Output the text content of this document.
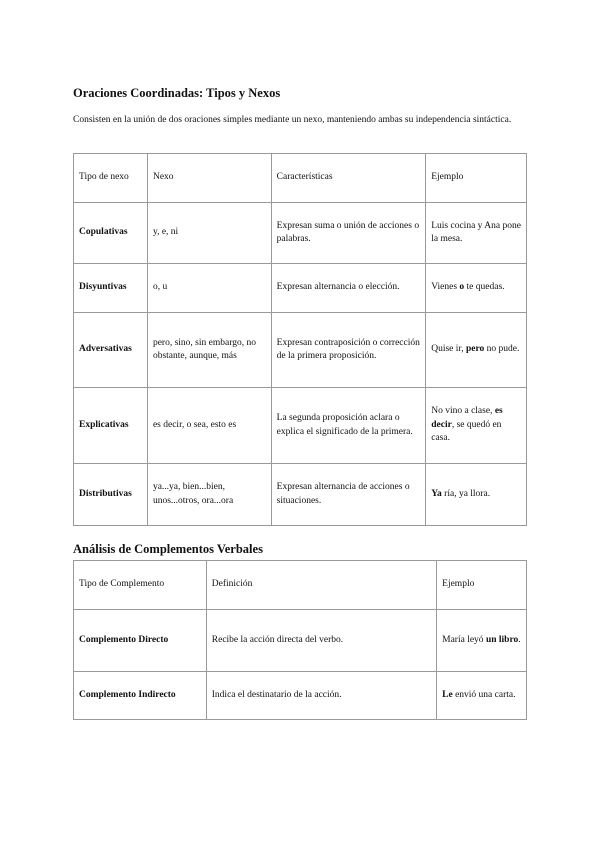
Oraciones Coordinadas: Tipos y Nexos
Consisten en la unión de dos oraciones simples mediante un nexo, manteniendo ambas su independencia sintáctica.
Tipo de nexo	Nexo	Características	Ejemplo
Copulativas	y, e, ni	Expresan suma o unión de acciones o palabras.	Luis cocina y Ana pone la mesa.
Disyuntivas	o, u	Expresan alternancia o elección.	Vienes o te quedas.
Adversativas	pero, sino, sin embargo, no obstante, aunque, más	Expresan contraposición o corrección de la primera proposición.	Quise ir, pero no pude.
Explicativas	es decir, o sea, esto es	La segunda proposición aclara o explica el significado de la primera.	No vino a clase, es decir, se quedó en casa.
Distributivas	ya...ya, bien...bien, unos...otros, ora...ora	Expresan alternancia de acciones o situaciones.	Ya ría, ya llora.
Análisis de Complementos Verbales
Tipo de Complemento	Definición	Ejemplo
Complemento Directo	Recibe la acción directa del verbo.	María leyó un libro.
Complemento Indirecto	Indica el destinatario de la acción.	Le envió una carta.
